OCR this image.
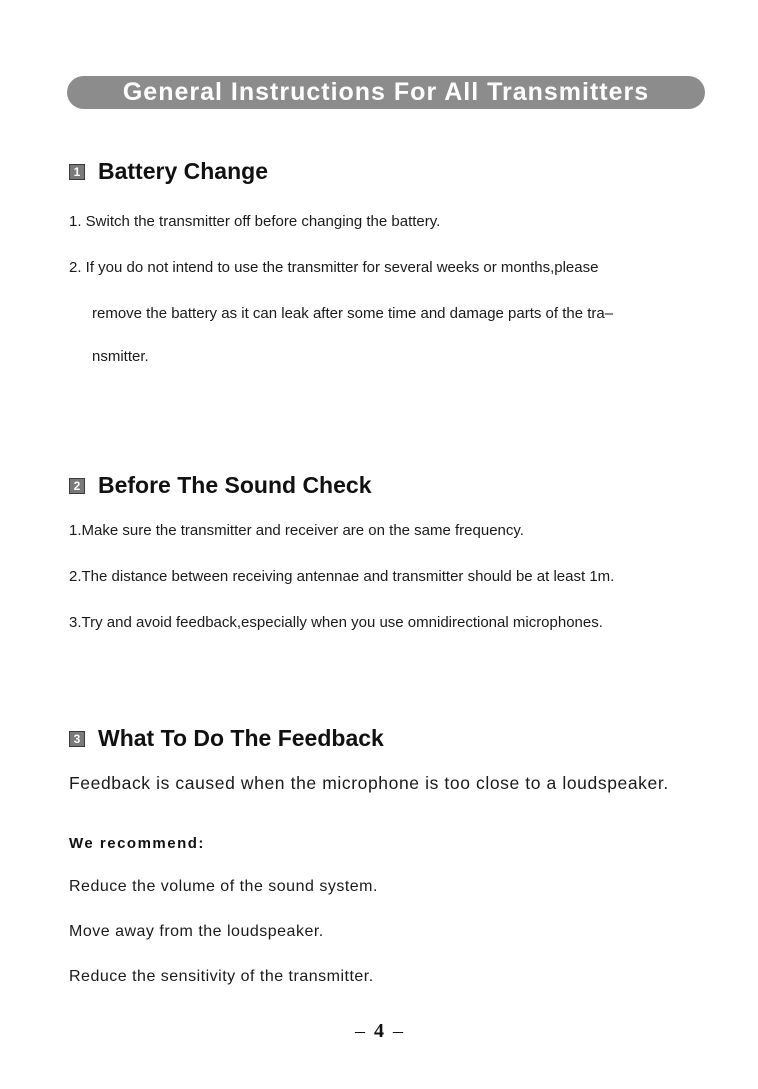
General Instructions For All Transmitters
1 Battery Change
1. Switch the transmitter off before changing the battery.
2. If you do not intend to use the transmitter for several weeks or months,please
remove the battery as it can leak after some time and damage parts of the tra–
nsmitter.
2 Before The Sound Check
1.Make sure the transmitter and receiver are on the same frequency.
2.The distance between receiving antennae and transmitter should be at least 1m.
3.Try and avoid feedback,especially when you use omnidirectional microphones.
3 What To Do The Feedback
Feedback is caused when the microphone is too close to a loudspeaker.
We recommend:
Reduce the volume of the sound system.
Move away from the loudspeaker.
Reduce the sensitivity of the transmitter.
– 4 –
